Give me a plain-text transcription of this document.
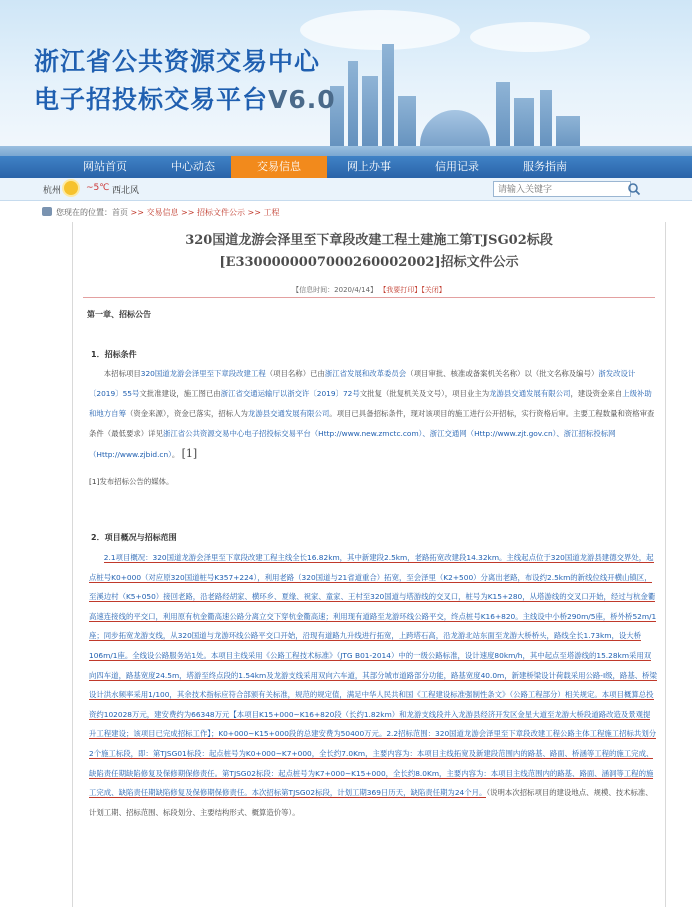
浙江省公共资源交易中心
电子招投标交易平台V6.0
网站首页	中心动态	交易信息	网上办事	信用记录	服务指南
杭州	~5℃ 西北风
请输入关键字
您现在的位置：首页 >> 交易信息 >> 招标文件公示 >> 工程
320国道龙游会泽里至下章段改建工程土建施工第TJSG02标段
[E3300000007000260002002]招标文件公示
【信息时间：2020/4/14】 【我要打印】【关闭】
第一章、招标公告
1．招标条件
本招标项目320国道龙游会泽里至下章段改建工程（项目名称）已由浙江省发展和改革委员会（项目审批、核准或备案机关名称）以（批文名称及编号）浙发改设计〔2019〕55号文批准建设，施工图已由浙江省交通运输厅以浙交许〔2019〕72号文批复（批复机关及文号），项目业主为龙游县交通发展有限公司，建设资金来自上级补助和地方自筹（资金来源），资金已落实，招标人为龙游县交通发展有限公司。项目已具备招标条件，现对该项目的施工进行公开招标，实行资格后审。主要工程数量和资格审查条件（最低要求）详见浙江省公共资源交易中心电子招投标交易平台（Http://www.new.zmctc.com）、浙江交通网（Http://www.zjt.gov.cn）、浙江招标投标网（Http://www.zjbid.cn）。 [1]
[1]发布招标公告的媒体。
2．项目概况与招标范围
2.1项目概况：320国道龙游会泽里至下章段改建工程主线全长16.82km，其中新建段2.5km，老路拓宽改建段14.32km。主线起点位于320国道龙游县建德交界处，起点桩号K0+000（对应原320国道桩号K357+224），利用老路（320国道与21省道重合）拓宽，至会泽里（K2+500）分离出老路，布设约2.5km的新线位线开横山镇区，至溪边村（K5+050）接回老路，沿老路经胡家、横环乡、夏缘、祝家、童家、王村至320国道与塔游线的交叉口，桩号为K15+280，从塔游线的交叉口开始，经过与杭金衢高速连接线的平交口，利用原有杭金衢高速公路分离立交下穿杭金衢高速；利用现有道路至龙游环线公路平交，终点桩号K16+820。主线设中小桥290m/5座，桥外桥52m/1座；同步拓宽龙游支线，从320国道与龙游环线公路平交口开始，沿现有道路九升线进行拓宽，上跨塔石高，沿龙游北站东面至龙游大桥桥头，路线全长1.73km，设大桥106m/1座。全线设公路服务站1处。本项目主线采用《公路工程技术标准》（JTG B01-2014）中的一级公路标准，设计速度80km/h，其中起点至塔游线的15.28km采用双向四车道，路基宽度24.5m，塔游至终点段的1.54km及龙游支线采用双向六车道，其部分城市道路部分功能，路基宽度40.0m，新建桥梁设计荷载采用公路-I级，路基、桥梁设计洪水频率采用1/100，其余技术指标应符合部颁有关标准，规范的规定值，满足中华人民共和国《工程建设标准强制性条文》（公路工程部分）相关规定。本项目概算总投资约102028万元，建安费约为66348万元【本项目K15+000~K16+820段（长约1.82km）和龙游支线段并入龙游县经济开发区金星大道至龙游大桥段道路改造及景观提升工程建设；该项目已完成招标工作】；K0+000~K15+000段的总建安费为50400万元。2.2招标范围：320国道龙游会泽里至下章段改建工程公路主体工程施工招标共划分2个施工标段，即：第TJSG01标段：起点桩号为K0+000~K7+000，全长约7.0Km，主要内容为：本项目主线拓宽及新建段范围内的路基、路面、桥涵等工程的施工完成、缺陷责任期缺陷修复及保修期保修责任。第TJSG02标段：起点桩号为K7+000~K15+000，全长约8.0Km，主要内容为：本项目主线范围内的路基、路面、涵洞等工程的施工完成、缺陷责任期缺陷修复及保修期保修责任。本次招标第TJSG02标段，计划工期369日历天，缺陷责任期为24个月。（说明本次招标项目的建设地点、规模、技术标准、计划工期、招标范围、标段划分、主要结构形式、概算造价等）。
